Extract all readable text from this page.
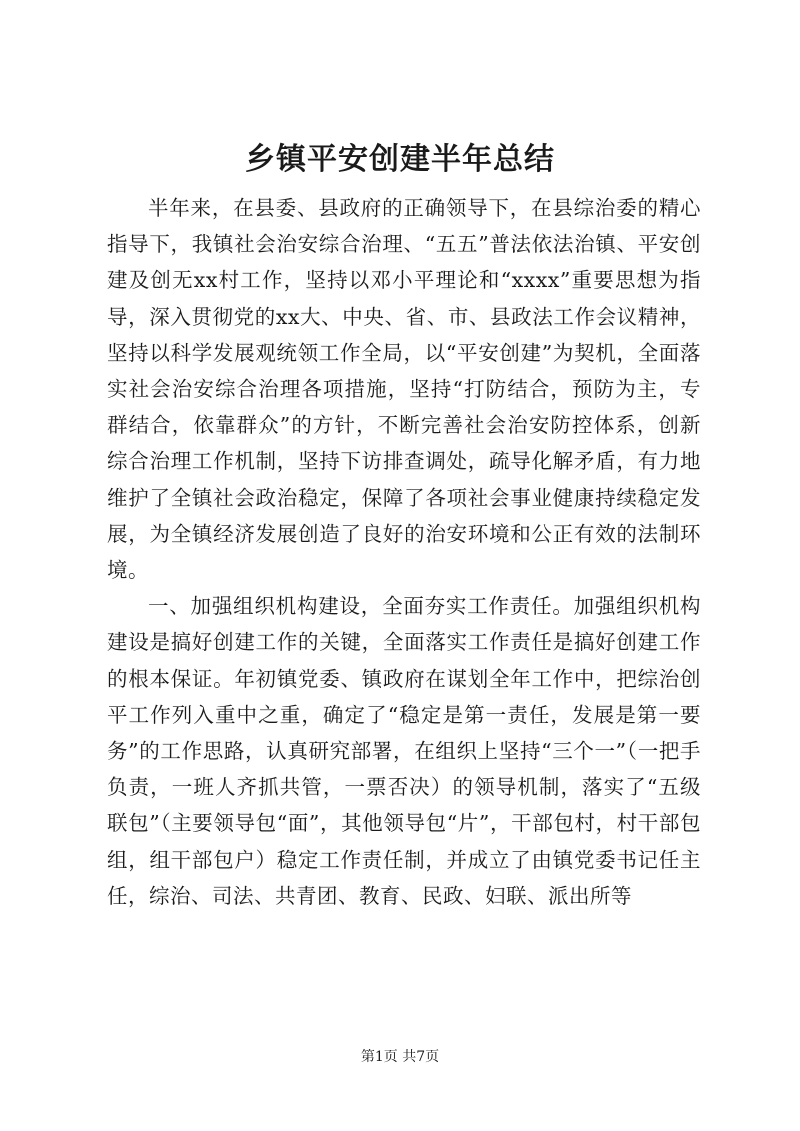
乡镇平安创建半年总结

半年来，在县委、县政府的正确领导下，在县综治委的精心指导下，我镇社会治安综合治理、“五五”普法依法治镇、平安创建及创无xx村工作，坚持以邓小平理论和“xxxx”重要思想为指导，深入贯彻党的xx大、中央、省、市、县政法工作会议精神，坚持以科学发展观统领工作全局，以“平安创建”为契机，全面落实社会治安综合治理各项措施，坚持“打防结合，预防为主，专群结合，依靠群众”的方针，不断完善社会治安防控体系，创新综合治理工作机制，坚持下访排查调处，疏导化解矛盾，有力地维护了全镇社会政治稳定，保障了各项社会事业健康持续稳定发展，为全镇经济发展创造了良好的治安环境和公正有效的法制环境。

一、加强组织机构建设，全面夯实工作责任。加强组织机构建设是搞好创建工作的关键，全面落实工作责任是搞好创建工作的根本保证。年初镇党委、镇政府在谋划全年工作中，把综治创平工作列入重中之重，确定了“稳定是第一责任，发展是第一要务”的工作思路，认真研究部署，在组织上坚持“三个一”（一把手负责，一班人齐抓共管，一票否决）的领导机制，落实了“五级联包”（主要领导包“面”，其他领导包“片”，干部包村，村干部包组，组干部包户）稳定工作责任制，并成立了由镇党委书记任主任，综治、司法、共青团、教育、民政、妇联、派出所等

第1页 共7页
